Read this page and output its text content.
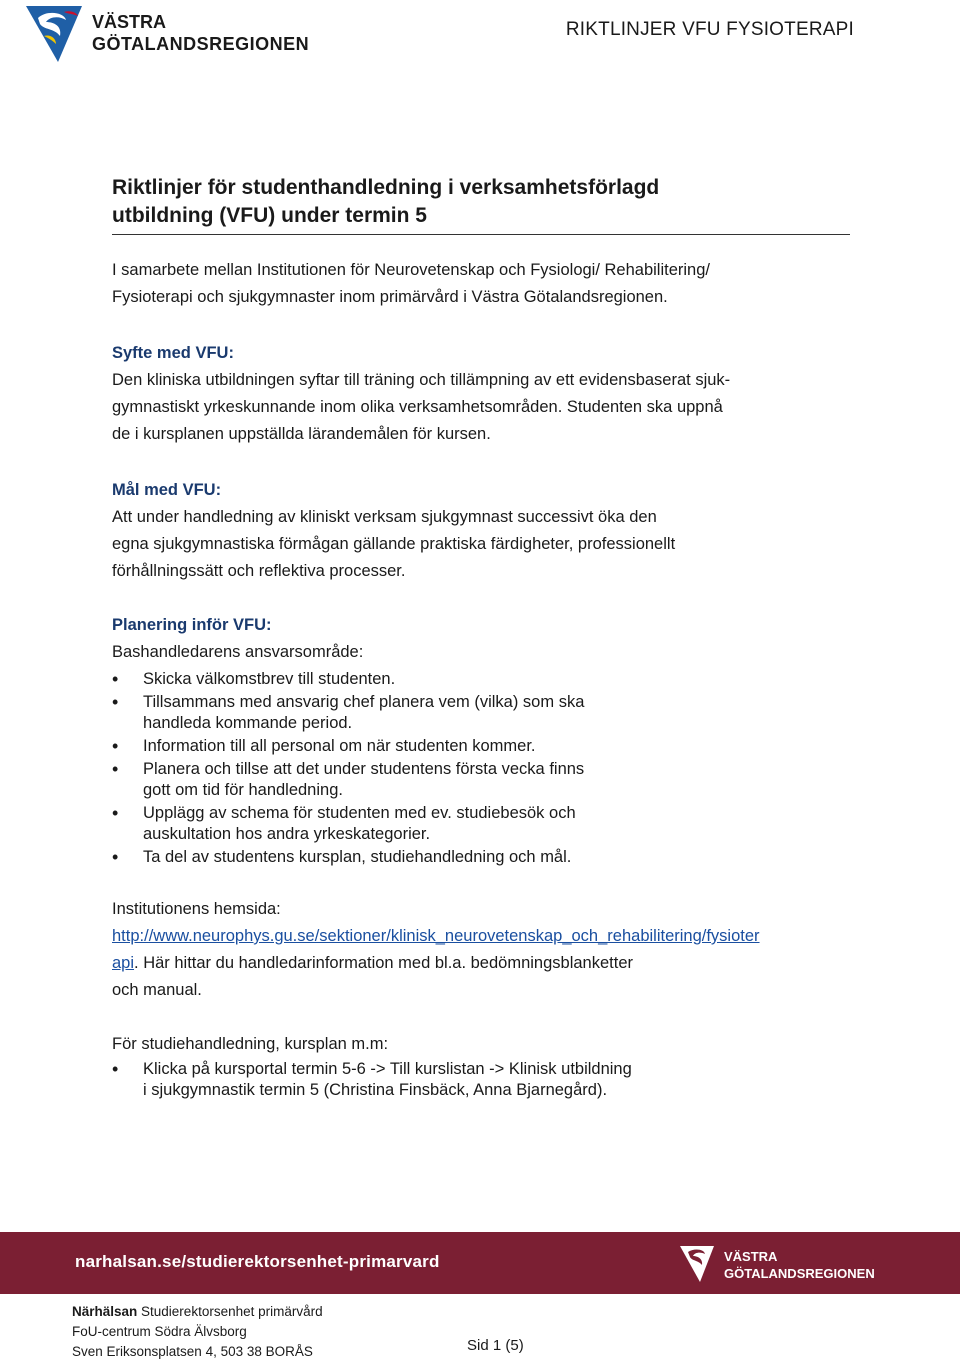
VÄSTRA
GÖTALANDSREGIONEN
RIKTLINJER VFU FYSIOTERAPI
Riktlinjer för studenthandledning i verksamhetsförlagd
utbildning (VFU) under termin 5
I samarbete mellan Institutionen för Neurovetenskap och Fysiologi/ Rehabilitering/
Fysioterapi och sjukgymnaster inom primärvård i Västra Götalandsregionen.
Syfte med VFU:
Den kliniska utbildningen syftar till träning och tillämpning av ett evidensbaserat sjuk-
gymnastiskt yrkeskunnande inom olika verksamhetsområden. Studenten ska uppnå
de i kursplanen uppställda lärandemålen för kursen.
Mål med VFU:
Att under handledning av kliniskt verksam sjukgymnast successivt öka den
egna sjukgymnastiska förmågan gällande praktiska färdigheter, professionellt
förhållningssätt och reflektiva processer.
Planering inför VFU:
Bashandledarens ansvarsområde:
• Skicka välkomstbrev till studenten.
• Tillsammans med ansvarig chef planera vem (vilka) som ska
handleda kommande period.
• Information till all personal om när studenten kommer.
• Planera och tillse att det under studentens första vecka finns
gott om tid för handledning.
• Upplägg av schema för studenten med ev. studiebesök och
auskultation hos andra yrkeskategorier.
• Ta del av studentens kursplan, studiehandledning och mål.
Institutionens hemsida:
http://www.neurophys.gu.se/sektioner/klinisk_neurovetenskap_och_rehabilitering/fysioter
api. Här hittar du handledarinformation med bl.a. bedömningsblanketter
och manual.
För studiehandledning, kursplan m.m:
• Klicka på kursportal termin 5-6 -> Till kurslistan -> Klinisk utbildning
i sjukgymnastik termin 5 (Christina Finsbäck, Anna Bjarnegård).
narhalsan.se/studierektorsenhet-primarvard	VÄSTRA
GÖTALANDSREGIONEN
Närhälsan Studierektorsenhet primärvård
FoU-centrum Södra Älvsborg
Sven Eriksonsplatsen 4, 503 38 BORÅS	Sid 1 (5)
